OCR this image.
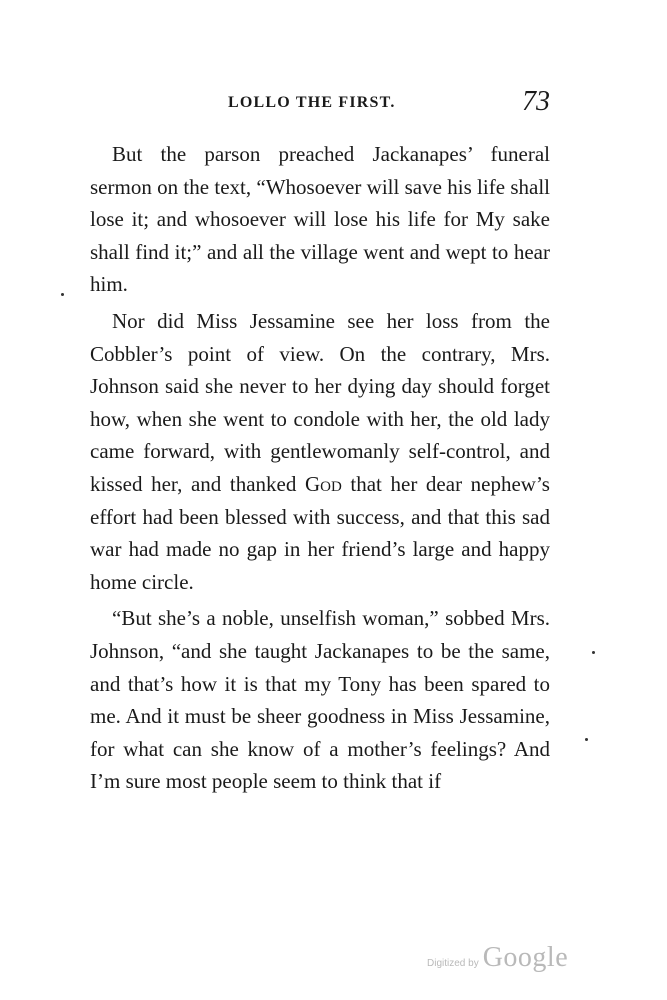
LOLLO THE FIRST.	73

But the parson preached Jackanapes’ funeral sermon on the text, “Whosoever will save his life shall lose it; and whosoever will lose his life for My sake shall find it;” and all the village went and wept to hear him.

Nor did Miss Jessamine see her loss from the Cobbler’s point of view. On the contrary, Mrs. Johnson said she never to her dying day should forget how, when she went to condole with her, the old lady came forward, with gentlewomanly self-control, and kissed her, and thanked God that her dear nephew’s effort had been blessed with success, and that this sad war had made no gap in her friend’s large and happy home circle.

“But she’s a noble, unselfish woman,” sobbed Mrs. Johnson, “and she taught Jackanapes to be the same, and that’s how it is that my Tony has been spared to me. And it must be sheer goodness in Miss Jessamine, for what can she know of a mother’s feelings? And I’m sure most people seem to think that if

Digitized by Google
